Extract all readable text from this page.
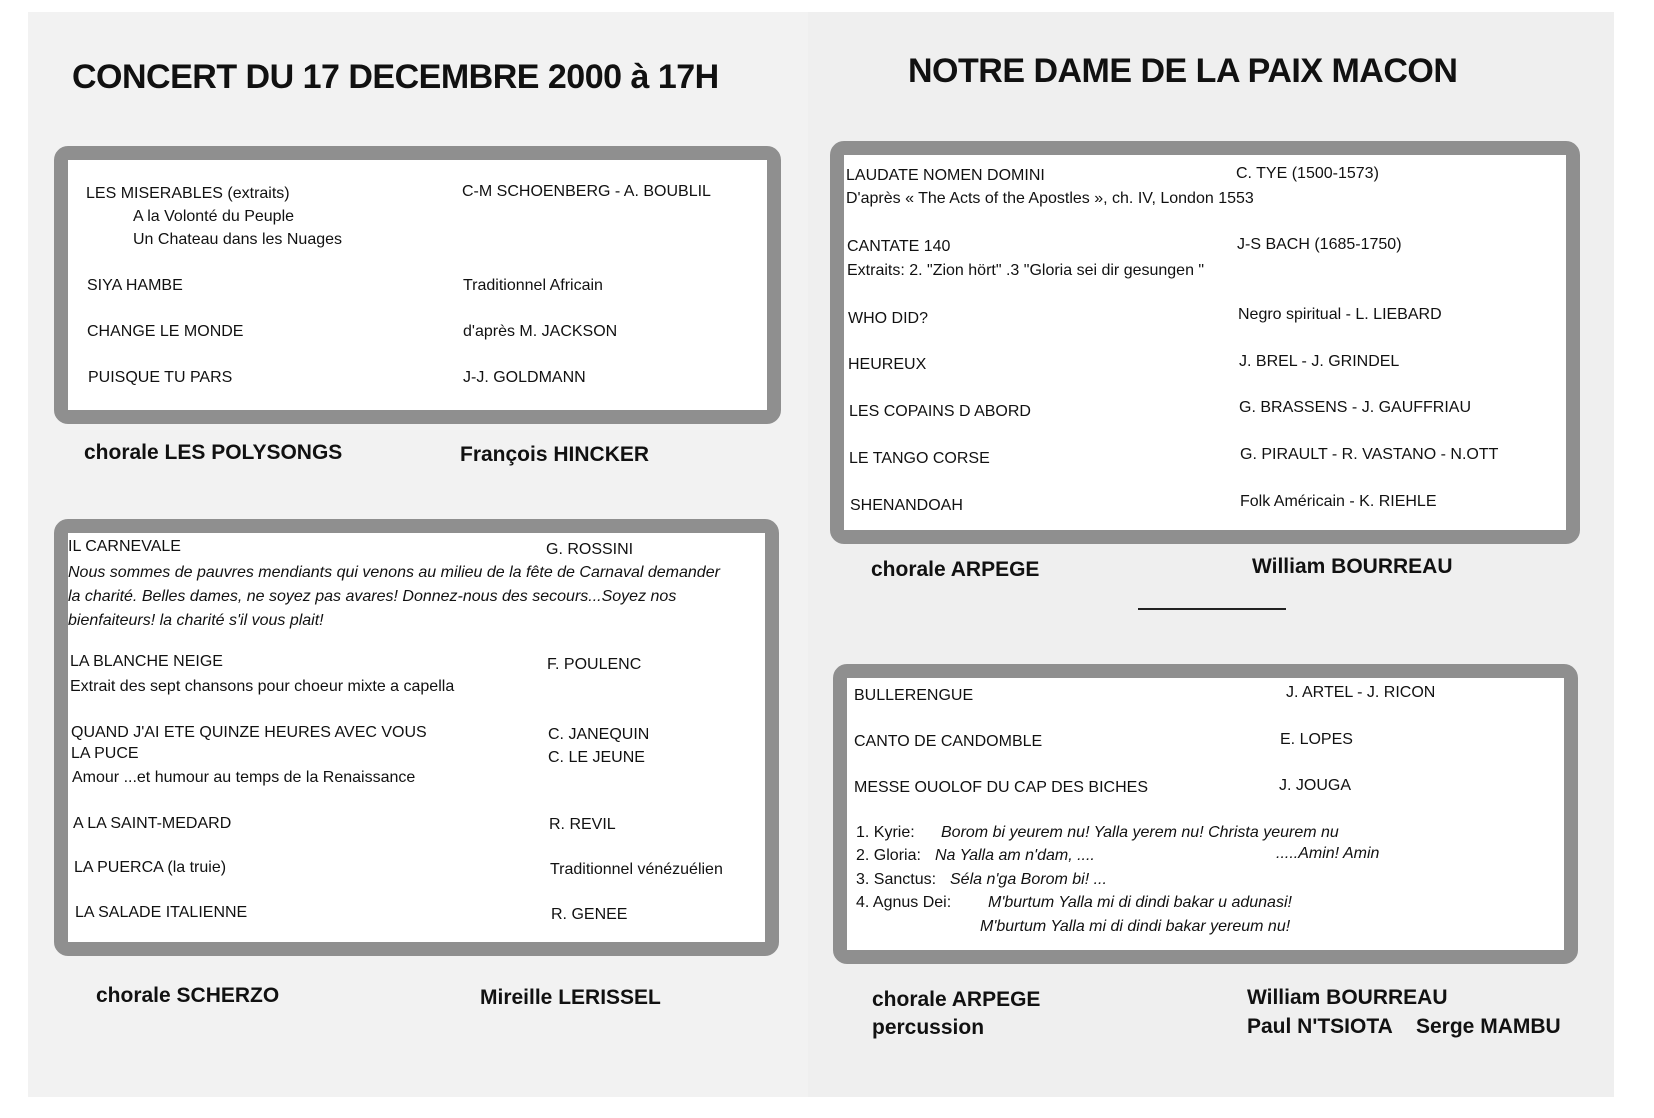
CONCERT DU 17 DECEMBRE 2000 à 17H	NOTRE DAME DE LA PAIX MACON
LES MISERABLES (extraits)	C-M SCHOENBERG - A. BOUBLIL
A la Volonté du Peuple
Un Chateau dans les Nuages
SIYA HAMBE	Traditionnel Africain
CHANGE LE MONDE	d'après M. JACKSON
PUISQUE TU PARS	J-J. GOLDMANN
chorale LES POLYSONGS	François HINCKER
IL CARNEVALE	G. ROSSINI
Nous sommes de pauvres mendiants qui venons au milieu de la fête de Carnaval demander la charité. Belles dames, ne soyez pas avares! Donnez-nous des secours...Soyez nos bienfaiteurs! la charité s'il vous plait!
LA BLANCHE NEIGE	F. POULENC
Extrait des sept chansons pour choeur mixte a capella
QUAND J'AI ETE QUINZE HEURES AVEC VOUS	C. JANEQUIN
LA PUCE	C. LE JEUNE
Amour ...et humour au temps de la Renaissance
A LA SAINT-MEDARD	R. REVIL
LA PUERCA (la truie)	Traditionnel vénézuélien
LA SALADE ITALIENNE	R. GENEE
chorale SCHERZO	Mireille LERISSEL
LAUDATE NOMEN DOMINI	C. TYE (1500-1573)
D'après « The Acts of the Apostles », ch. IV, London 1553
CANTATE 140	J-S BACH (1685-1750)
Extraits: 2. "Zion hört" .3 "Gloria sei dir gesungen "
WHO DID?	Negro spiritual - L. LIEBARD
HEUREUX	J. BREL - J. GRINDEL
LES COPAINS D ABORD	G. BRASSENS - J. GAUFFRIAU
LE TANGO CORSE	G. PIRAULT - R. VASTANO - N.OTT
SHENANDOAH	Folk Américain - K. RIEHLE
chorale ARPEGE	William BOURREAU
BULLERENGUE	J. ARTEL - J. RICON
CANTO DE CANDOMBLE	E. LOPES
MESSE OUOLOF DU CAP DES BICHES	J. JOUGA
1. Kyrie: Borom bi yeurem nu! Yalla yerem nu! Christa yeurem nu
2. Gloria: Na Yalla am n'dam, ....	.....Amin! Amin
3. Sanctus: Séla n'ga Borom bi! ...
4. Agnus Dei: M'burtum Yalla mi di dindi bakar u adunasi!
M'burtum Yalla mi di dindi bakar yereum nu!
chorale ARPEGE
percussion
William BOURREAU
Paul N'TSIOTA Serge MAMBU
